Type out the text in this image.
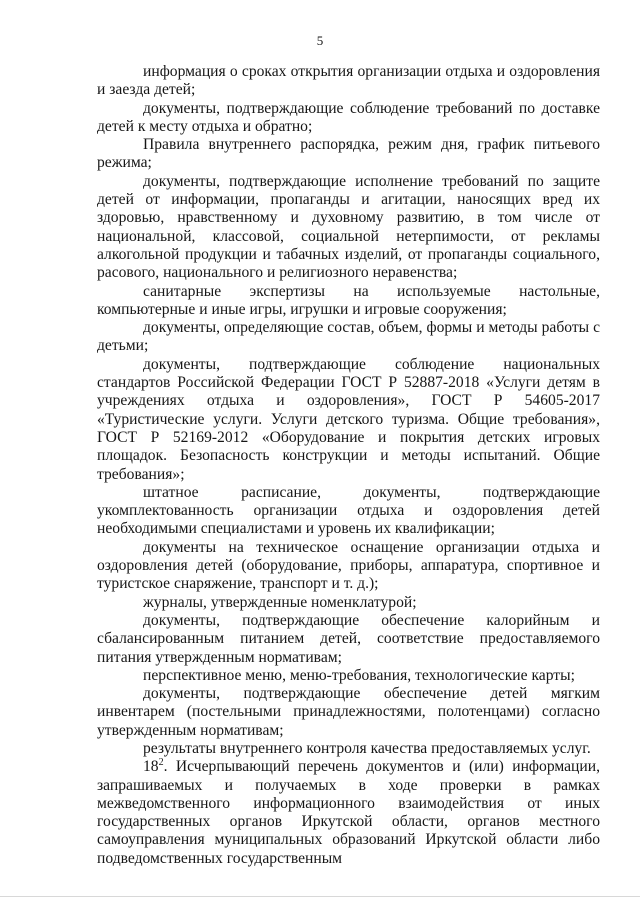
5

информация о сроках открытия организации отдыха и оздоровления и заезда детей;

документы, подтверждающие соблюдение требований по доставке детей к месту отдыха и обратно;

Правила внутреннего распорядка, режим дня, график питьевого режима;

документы, подтверждающие исполнение требований по защите детей от информации, пропаганды и агитации, наносящих вред их здоровью, нравственному и духовному развитию, в том числе от национальной, классовой, социальной нетерпимости, от рекламы алкогольной продукции и табачных изделий, от пропаганды социального, расового, национального и религиозного неравенства;

санитарные экспертизы на используемые настольные, компьютерные и иные игры, игрушки и игровые сооружения;

документы, определяющие состав, объем, формы и методы работы с детьми;

документы, подтверждающие соблюдение национальных стандартов Российской Федерации ГОСТ Р 52887-2018 «Услуги детям в учреждениях отдыха и оздоровления», ГОСТ Р 54605-2017 «Туристические услуги. Услуги детского туризма. Общие требования», ГОСТ Р 52169-2012 «Оборудование и покрытия детских игровых площадок. Безопасность конструкции и методы испытаний. Общие требования»;

штатное расписание, документы, подтверждающие укомплектованность организации отдыха и оздоровления детей необходимыми специалистами и уровень их квалификации;

документы на техническое оснащение организации отдыха и оздоровления детей (оборудование, приборы, аппаратура, спортивное и туристское снаряжение, транспорт и т. д.);

журналы, утвержденные номенклатурой;

документы, подтверждающие обеспечение калорийным и сбалансированным питанием детей, соответствие предоставляемого питания утвержденным нормативам;

перспективное меню, меню-требования, технологические карты;

документы, подтверждающие обеспечение детей мягким инвентарем (постельными принадлежностями, полотенцами) согласно утвержденным нормативам;

результаты внутреннего контроля качества предоставляемых услуг.

$18^2$. Исчерпывающий перечень документов и (или) информации, запрашиваемых и получаемых в ходе проверки в рамках межведомственного информационного взаимодействия от иных государственных органов Иркутской области, органов местного самоуправления муниципальных образований Иркутской области либо подведомственных государственным
